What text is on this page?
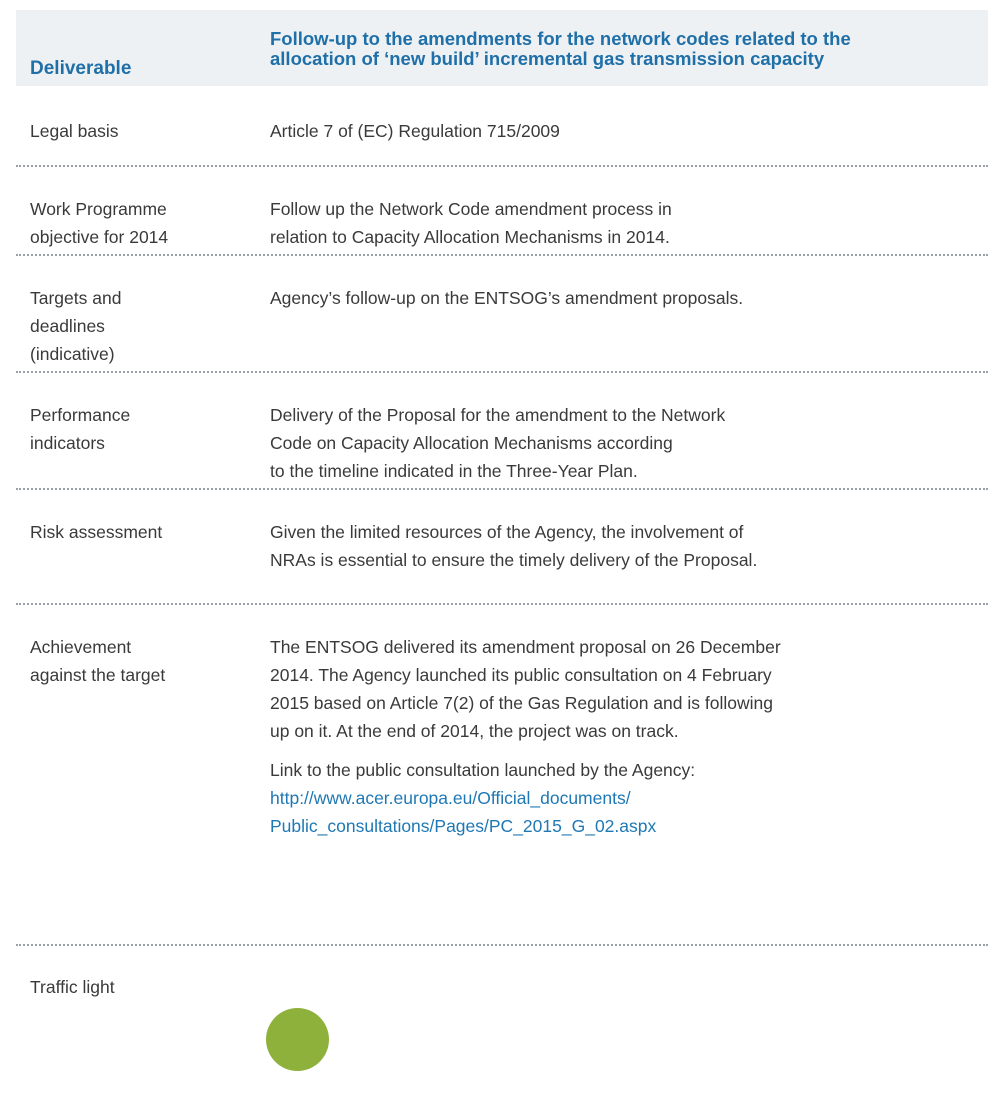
Deliverable
Follow-up to the amendments for the network codes related to the
allocation of ‘new build’ incremental gas transmission capacity
Legal basis	Article 7 of (EC) Regulation 715/2009
Work Programme
objective for 2014
Follow up the Network Code amendment process in
relation to Capacity Allocation Mechanisms in 2014.
Targets and
deadlines
(indicative)
Agency’s follow-up on the ENTSOG’s amendment proposals.
Performance
indicators
Delivery of the Proposal for the amendment to the Network
Code on Capacity Allocation Mechanisms according
to the timeline indicated in the Three-Year Plan.
Risk assessment	Given the limited resources of the Agency, the involvement of
NRAs is essential to ensure the timely delivery of the Proposal.
Achievement
against the target
The ENTSOG delivered its amendment proposal on 26 December
2014. The Agency launched its public consultation on 4 February
2015 based on Article 7(2) of the Gas Regulation and is following
up on it. At the end of 2014, the project was on track.
Link to the public consultation launched by the Agency:
http://www.acer.europa.eu/Official_documents/
Public_consultations/Pages/PC_2015_G_02.aspx
Traffic light
